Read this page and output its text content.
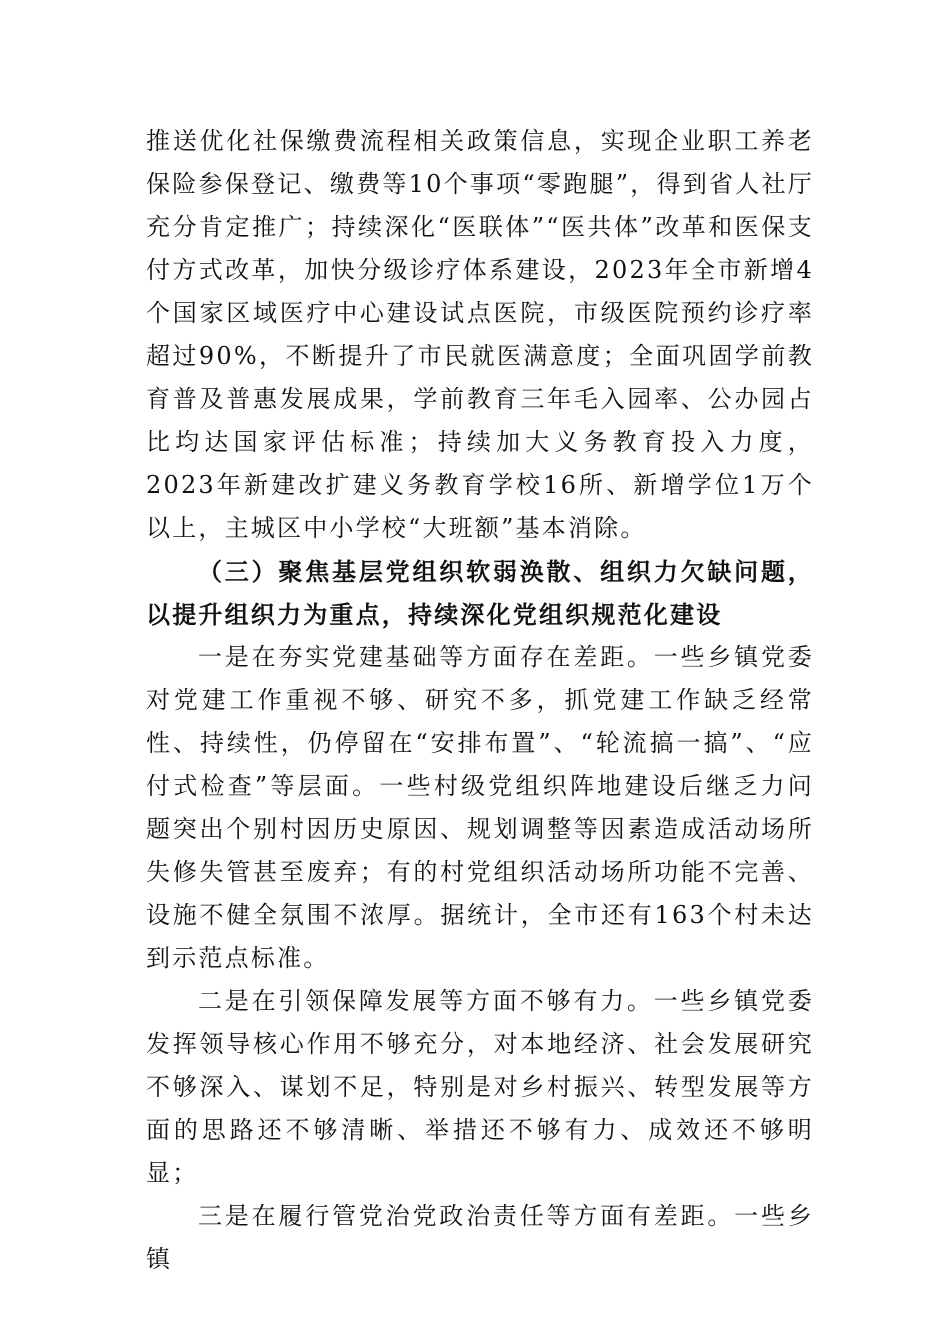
推送优化社保缴费流程相关政策信息，实现企业职工养老保险参保登记、缴费等10个事项“零跑腿”，得到省人社厅充分肯定推广；持续深化“医联体”“医共体”改革和医保支付方式改革，加快分级诊疗体系建设，2023年全市新增4个国家区域医疗中心建设试点医院，市级医院预约诊疗率超过90%，不断提升了市民就医满意度；全面巩固学前教育普及普惠发展成果，学前教育三年毛入园率、公办园占比均达国家评估标准；持续加大义务教育投入力度，2023年新建改扩建义务教育学校16所、新增学位1万个以上，主城区中小学校“大班额”基本消除。

（三）聚焦基层党组织软弱涣散、组织力欠缺问题，以提升组织力为重点，持续深化党组织规范化建设

一是在夯实党建基础等方面存在差距。一些乡镇党委对党建工作重视不够、研究不多，抓党建工作缺乏经常性、持续性，仍停留在“安排布置”、“轮流搞一搞”、“应付式检查”等层面。一些村级党组织阵地建设后继乏力问题突出个别村因历史原因、规划调整等因素造成活动场所失修失管甚至废弃；有的村党组织活动场所功能不完善、设施不健全氛围不浓厚。据统计，全市还有163个村未达到示范点标准。

二是在引领保障发展等方面不够有力。一些乡镇党委发挥领导核心作用不够充分，对本地经济、社会发展研究不够深入、谋划不足，特别是对乡村振兴、转型发展等方面的思路还不够清晰、举措还不够有力、成效还不够明显；

三是在履行管党治党政治责任等方面有差距。一些乡镇
